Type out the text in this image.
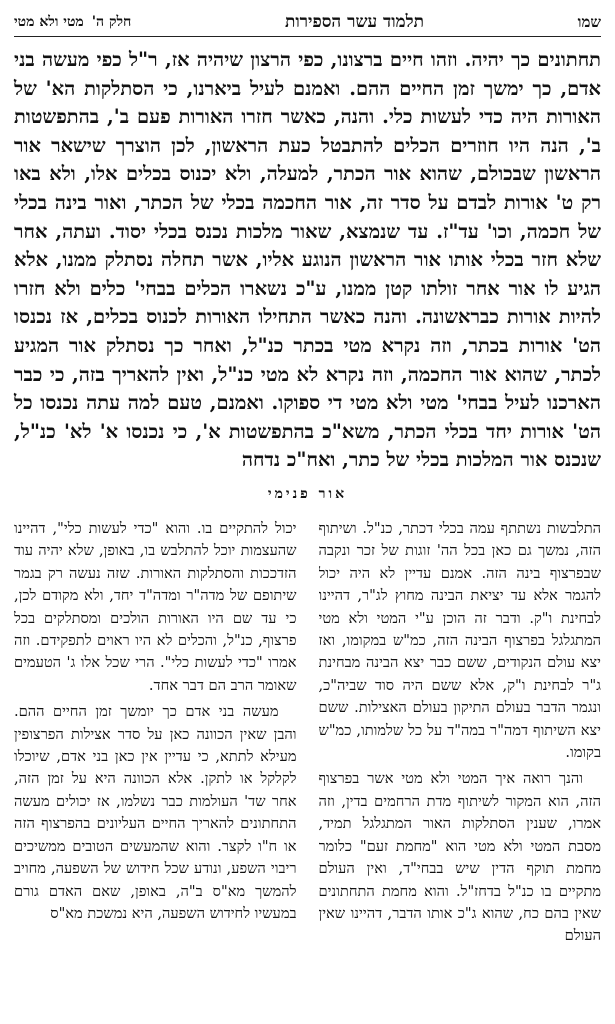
שמו
תלמוד עשר הספירות
חלק ה'
מטי ולא מטי

תחתונים כך יהיה. וזהו חיים ברצונו, כפי הרצון שיהיה אז, ר"ל כפי מעשה בני אדם, כך ימשך זמן החיים ההם. ואמנם לעיל ביארנו, כי הסתלקות הא' של האורות היה כדי לעשות כלי. והנה, כאשר חזרו האורות פעם ב', בהתפשטות ב', הנה היו חוזרים הכלים להתבטל כעת הראשון, לכן הוצרך שישאר אור הראשון שבכולם, שהוא אור הכתר, למעלה, ולא יכנוס בכלים אלו, ולא באו רק ט' אורות לבדם על סדר זה, אור החכמה בכלי של הכתר, ואור בינה בכלי של חכמה, וכו' עד"ז. עד שנמצא, שאור מלכות נכנס בכלי יסוד. ועתה, אחר שלא חזר בכלי אותו אור הראשון הנוגע אליו, אשר תחלה נסתלק ממנו, אלא הגיע לו אור אחר זולתו קטן ממנו, ע"כ נשארו הכלים בבחי' כלים ולא חזרו להיות אורות כבראשונה. והנה כאשר התחילו האורות לכנוס בכלים, אז נכנסו הט' אורות בכתר, וזה נקרא מטי בכתר כנ"ל, ואחר כך נסתלק אור המגיע לכתר, שהוא אור החכמה, וזה נקרא לא מטי כנ"ל, ואין להאריך בזה, כי כבר הארכנו לעיל בבחי' מטי ולא מטי די ספוקו. ואמנם, טעם למה עתה נכנסו כל הט' אורות יחד בכלי הכתר, משא"כ בהתפשטות א', כי נכנסו א' לא' כנ"ל, שנכנס אור המלכות בכלי של כתר, ואח"כ נדחה

אור פנימי

התלבשות נשתתף עמה בכלי דכתר, כנ"ל. ושיתוף הזה, נמשך גם כאן בכל הה' זוגות של זכר ונקבה שבפרצוף בינה הזה. אמנם עדיין לא היה יכול להגמר אלא עד יציאת הבינה מחוץ לג"ר, דהיינו לבחינת ו"ק. ודבר זה הוכן ע"י המטי ולא מטי המתגלגל בפרצוף הבינה הזה, כמ"ש במקומו, ואז יצא עולם הנקודים, ששם כבר יצא הבינה מבחינת ג"ר לבחינת ו"ק, אלא ששם היה סוד שביה"כ, ונגמר הדבר בעולם התיקון בעולם האצילות. ששם יצא השיתוף דמה"ר במה"ד על כל שלמותו, כמ"ש בקומו.

והנך רואה איך המטי ולא מטי אשר בפרצוף הזה, הוא המקור לשיתוף מדת הרחמים בדין, וזה אמרו, שענין הסתלקות האור המתגלגל תמיד, מסבת המטי ולא מטי הוא "מחמת זעם" כלומר מחמת תוקף הדין שיש בבחי"ד, ואין העולם מתקיים בו כנ"ל בדחז"ל. והוא מחמת התחתונים שאין בהם כח, שהוא ג"כ אותו הדבר, דהיינו שאין העולם

יכול להתקיים בו. והוא "כדי לעשות כלי", דהיינו שהעצמות יוכל להתלבש בו, באופן, שלא יהיה עוד הזדככות והסתלקות האורות. שזה נעשה רק בגמר שיתופם של מדה"ר ומדה"ד יחד, ולא מקודם לכן, כי עד שם היו האורות הולכים ומסתלקים בכל פרצוף, כנ"ל, והכלים לא היו ראוים לתפקידם. וזה אמרו "כדי לעשות כלי". הרי שכל אלו ג' הטעמים שאומר הרב הם דבר אחד.

מעשה בני אדם כך יומשך זמן החיים ההם. והבן שאין הכוונה כאן על סדר אצילות הפרצופין מעילא לתתא, כי עדיין אין כאן בני אדם, שיוכלו לקלקל או לתקן. אלא הכוונה היא על זמן הזה, אחר שד' העולמות כבר נשלמו, אז יכולים מעשה התחתונים להאריך החיים העליונים בהפרצוף הזה או ח"ו לקצר. והוא שהמעשים הטובים ממשיכים ריבוי השפע, ונודע שכל חידוש של השפעה, מחויב להמשך מא"ס ב"ה, באופן, שאם האדם גורם במעשיו לחידוש השפעה, היא נמשכת מא"ס
